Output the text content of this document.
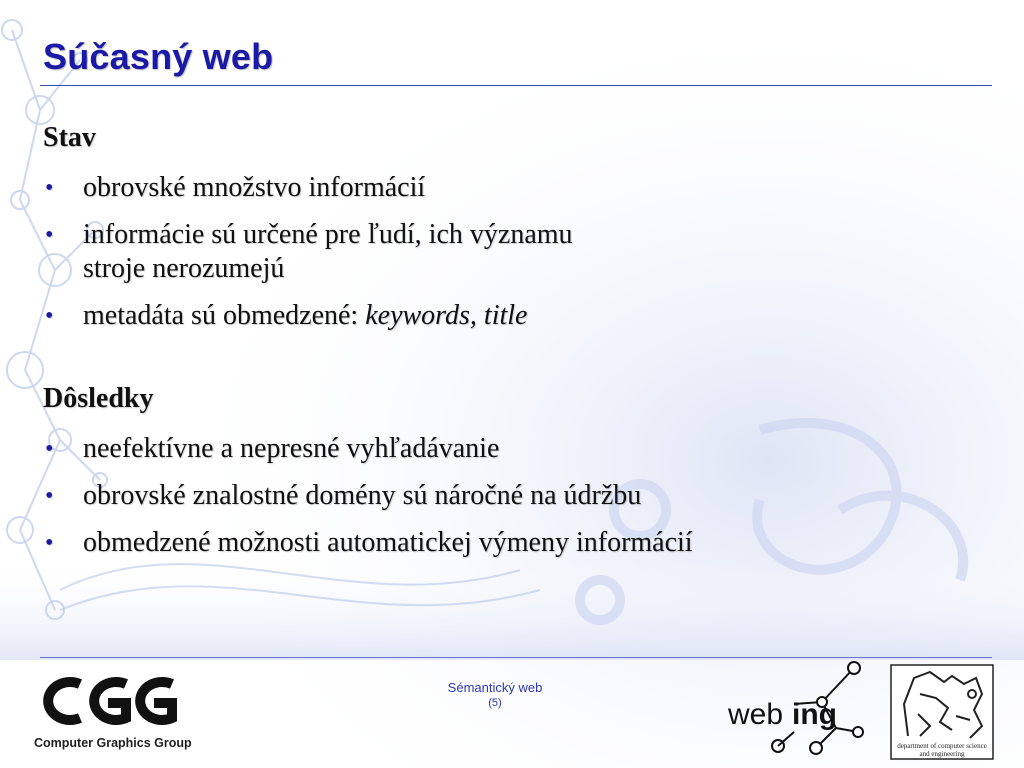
Súčasný web
Stav
• obrovské množstvo informácií
• informácie sú určené pre ľudí, ich významu
stroje nerozumejú
• metadáta sú obmedzené: keywords, title
Dôsledky
• neefektívne a nepresné vyhľadávanie
• obrovské znalostné domény sú náročné na údržbu
• obmedzené možnosti automatickej výmeny informácií
Computer Graphics Group
Sémantický web
(5)	web ing
department of computer science
and engineering
